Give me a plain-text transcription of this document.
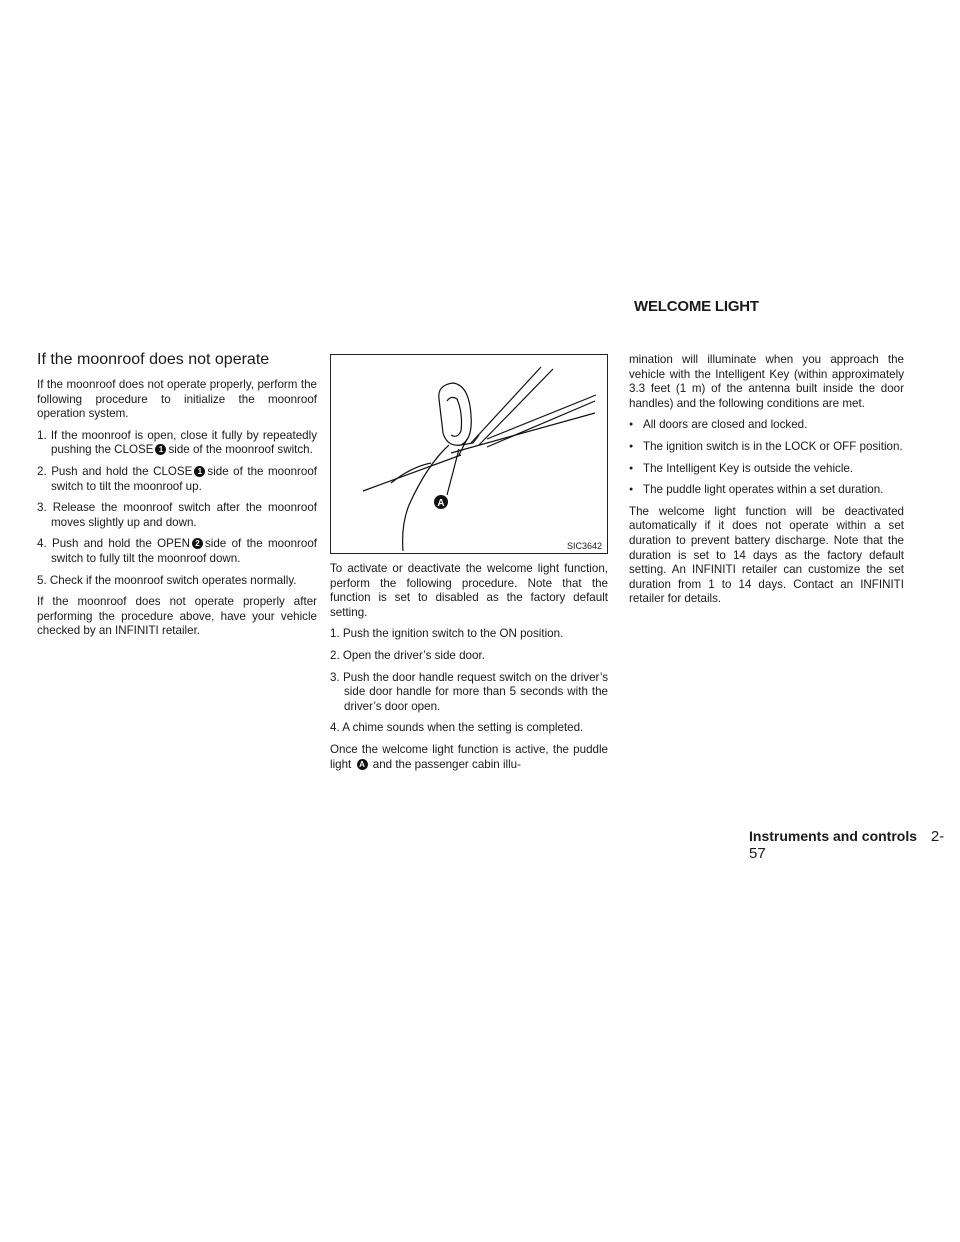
WELCOME LIGHT
If the moonroof does not operate

If the moonroof does not operate properly, perform the following procedure to initialize the moonroof operation system.

1. If the moonroof is open, close it fully by repeatedly pushing the CLOSE 1 side of the moonroof switch.
2. Push and hold the CLOSE 1 side of the moonroof switch to tilt the moonroof up.
3. Release the moonroof switch after the moonroof moves slightly up and down.
4. Push and hold the OPEN 2 side of the moonroof switch to fully tilt the moonroof down.
5. Check if the moonroof switch operates normally.

If the moonroof does not operate properly after performing the procedure above, have your vehicle checked by an INFINITI retailer.

A
SIC3642

To activate or deactivate the welcome light function, perform the following procedure. Note that the function is set to disabled as the factory default setting.

1. Push the ignition switch to the ON position.
2. Open the driver’s side door.
3. Push the door handle request switch on the driver’s side door handle for more than 5 seconds with the driver’s door open.
4. A chime sounds when the setting is completed.

Once the welcome light function is active, the puddle light A and the passenger cabin illu-

mination will illuminate when you approach the vehicle with the Intelligent Key (within approximately 3.3 feet (1 m) of the antenna built inside the door handles) and the following conditions are met.

● All doors are closed and locked.
● The ignition switch is in the LOCK or OFF position.
● The Intelligent Key is outside the vehicle.
● The puddle light operates within a set duration.

The welcome light function will be deactivated automatically if it does not operate within a set duration to prevent battery discharge. Note that the duration is set to 14 days as the factory default setting. An INFINITI retailer can customize the set duration from 1 to 14 days. Contact an INFINITI retailer for details.

Instruments and controls 2-57
